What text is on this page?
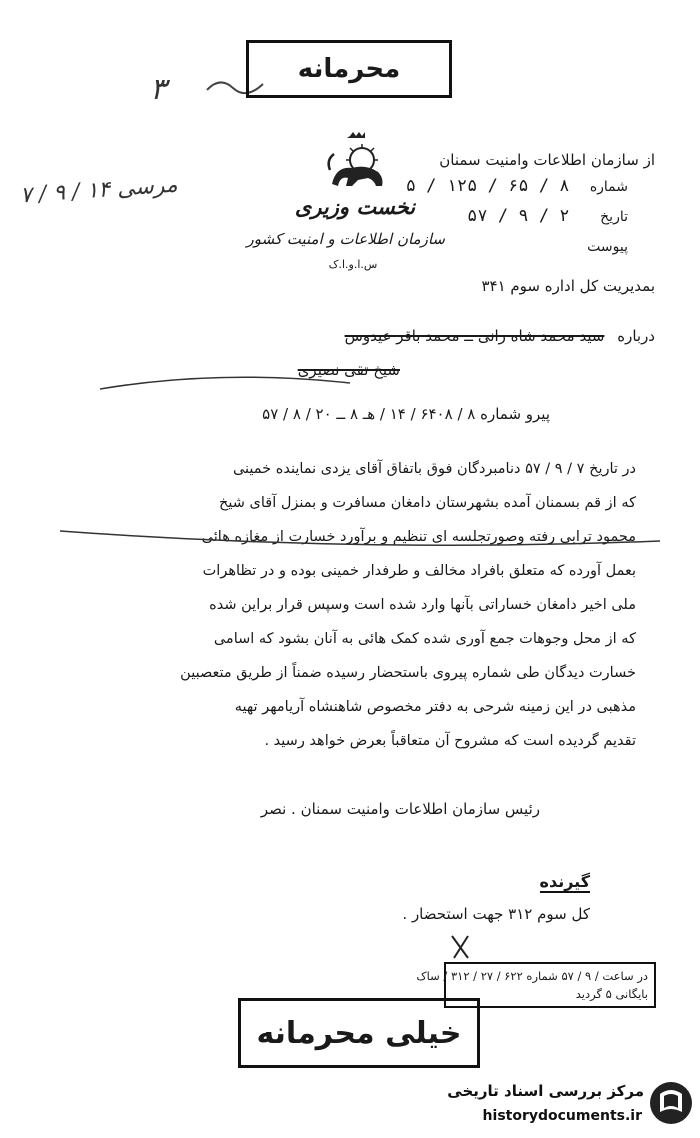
۳
محرمانه
مرسی ۱۴ / ۹ / ۷
نخست وزیری
سازمان اطلاعات و امنیت کشور
س.ا.و.ا.ک
از سازمان اطلاعات وامنیت سمنان
شماره ۸ / ۶۵ / ۱۲۵ / ۵
تاریخ ۲ / ۹ / ۵۷
پیوست
بمدیریت کل اداره سوم ۳۴۱
درباره سید محمد شاه رانی ــ محمد باقر عیدوس
شیخ تقی نصیری
پیرو شماره ۸ / ۶۴۰۸ / ۱۴ / هـ ۸ ــ ۲۰ / ۸ / ۵۷
در تاریخ ۷ / ۹ / ۵۷ دنامبردگان فوق باتفاق آقای یزدی نماینده خمینی
که از قم بسمنان آمده بشهرستان دامغان مسافرت و بمنزل آقای شیخ
محمود ترابی رفته وصورتجلسه ای تنظیم و برآورد خسارت از مغازه هائی
بعمل آورده که متعلق بافراد مخالف و طرفدار خمینی بوده و در تظاهرات
ملی اخیر دامغان خساراتی بآنها وارد شده است وسپس قرار براین شده
که از محل وجوهات جمع آوری شده کمک هائی به آنان بشود که اسامی
خسارت دیدگان طی شماره پیروی باستحضار رسیده ضمناً از طریق متعصبین
مذهبی در این زمینه شرحی به دفتر مخصوص شاهنشاه آریامهر تهیه
تقدیم گردیده است که مشروح آن متعاقباً بعرض خواهد رسید .
رئیس سازمان اطلاعات وامنیت سمنان . نصر
گیرنده
کل سوم ۳۱۲ جهت استحضار .
در ساعت / ۹ / ۵۷ شماره ۶۲۲ / ۲۷ / ۳۱۲ / ساک
بایگانی ۵ گردید
خیلی محرمانه
مرکز بررسی اسناد تاریخی
historydocuments.ir
